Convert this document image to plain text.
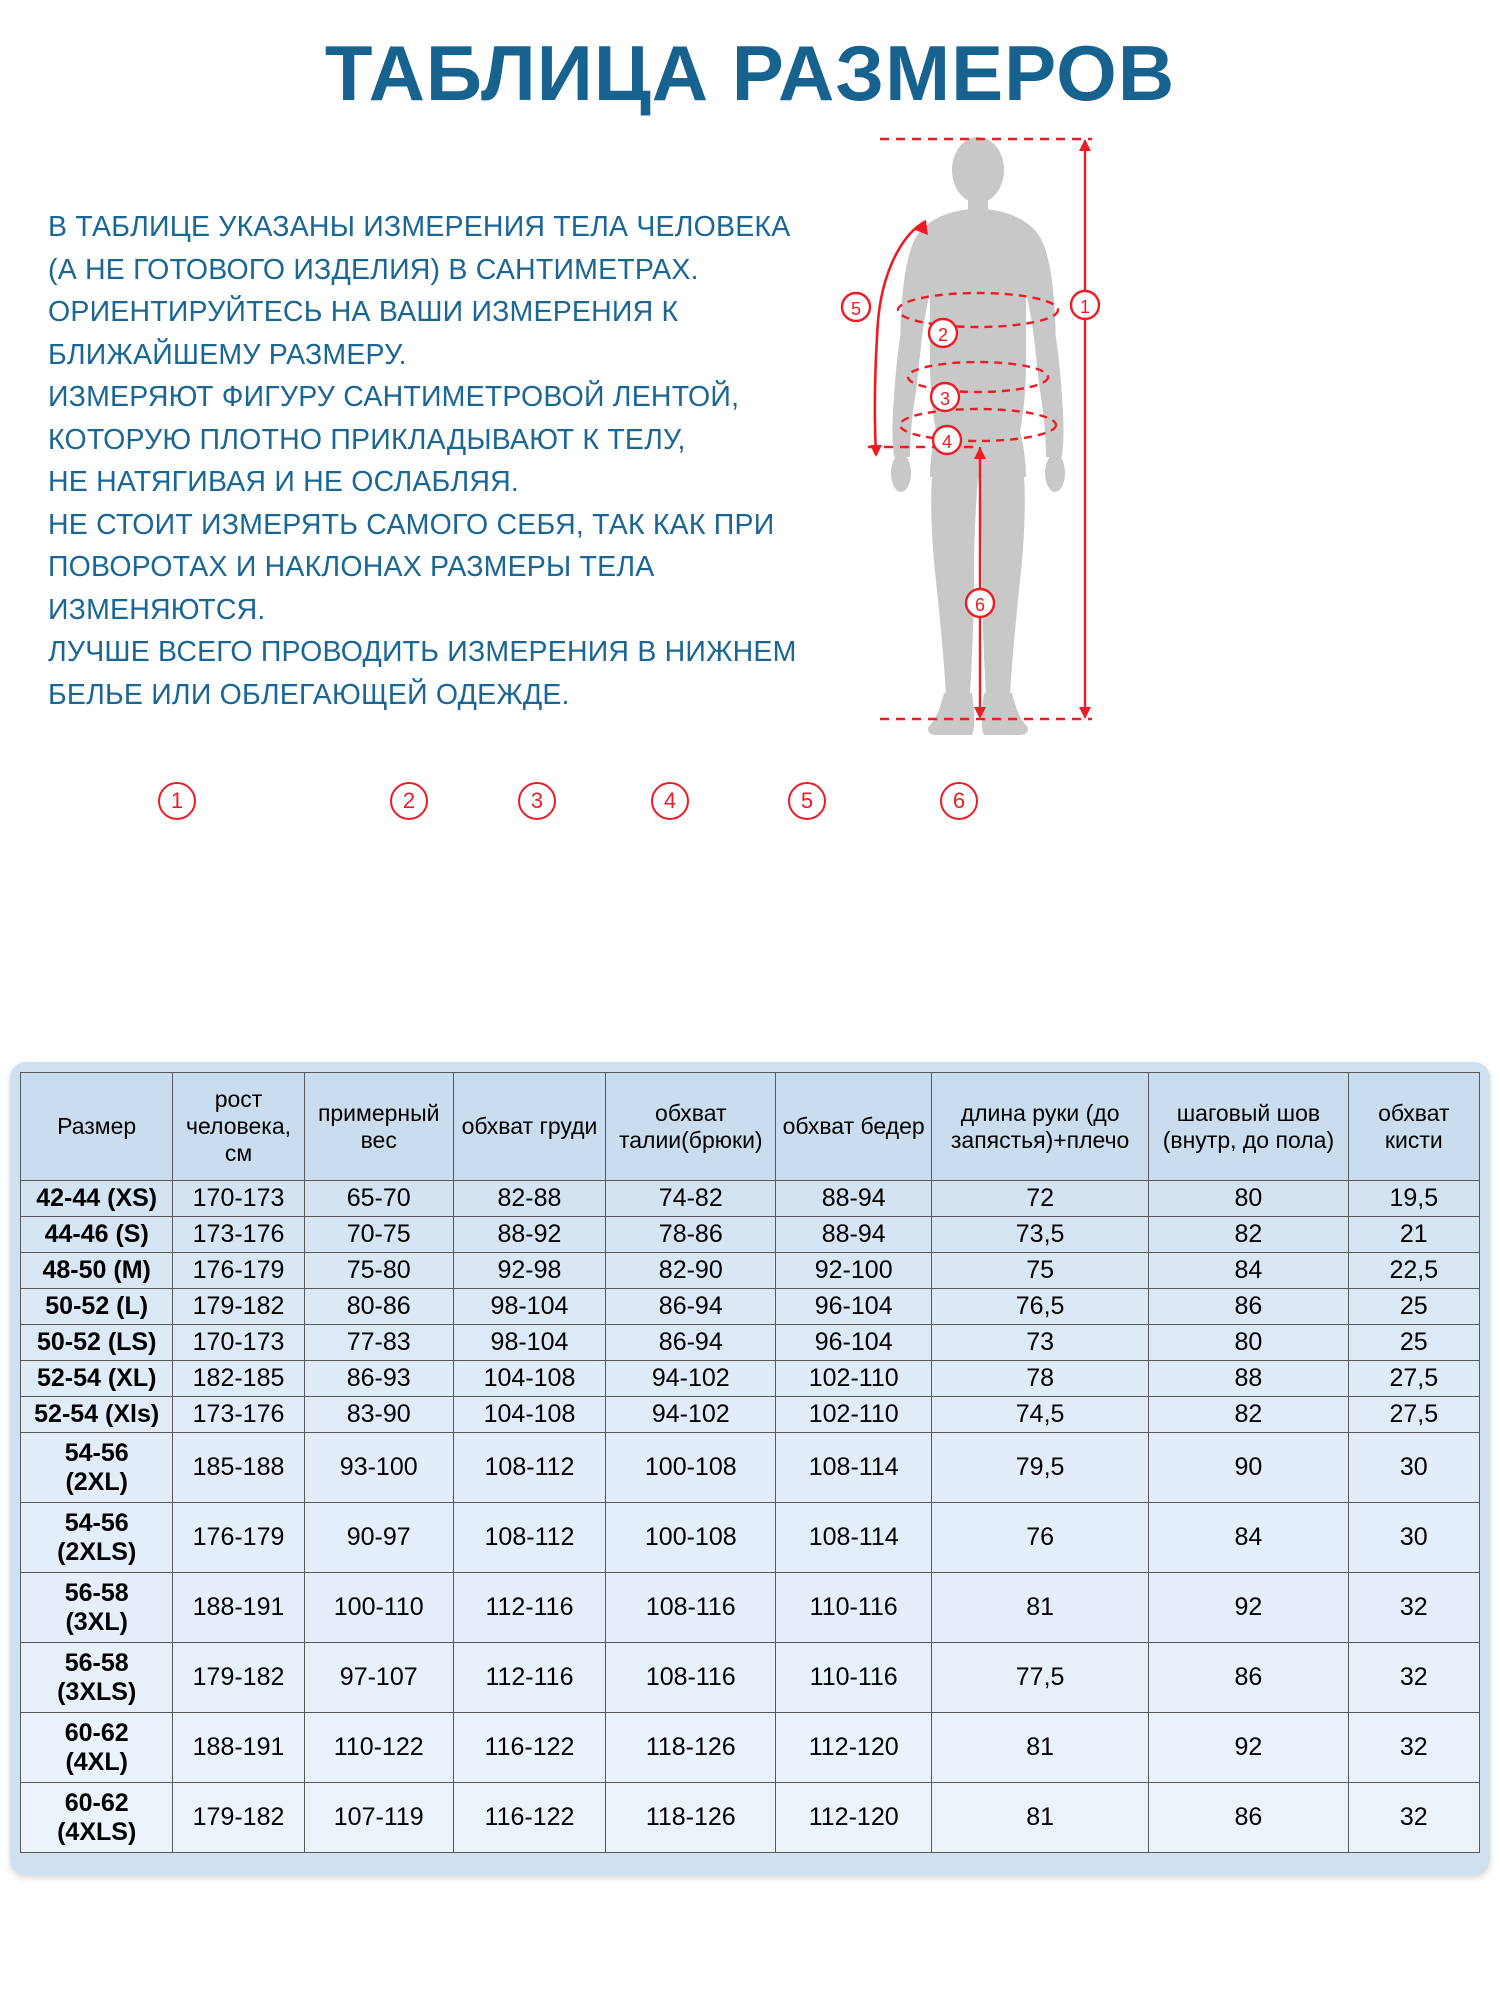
ТАБЛИЦА РАЗМЕРОВ
В ТАБЛИЦЕ УКАЗАНЫ ИЗМЕРЕНИЯ ТЕЛА ЧЕЛОВЕКА
(А НЕ ГОТОВОГО ИЗДЕЛИЯ) В САНТИМЕТРАХ.
ОРИЕНТИРУЙТЕСЬ НА ВАШИ ИЗМЕРЕНИЯ К
БЛИЖАЙШЕМУ РАЗМЕРУ.
ИЗМЕРЯЮТ ФИГУРУ САНТИМЕТРОВОЙ ЛЕНТОЙ,
КОТОРУЮ ПЛОТНО ПРИКЛАДЫВАЮТ К ТЕЛУ,
НЕ НАТЯГИВАЯ И НЕ ОСЛАБЛЯЯ.
НЕ СТОИТ ИЗМЕРЯТЬ САМОГО СЕБЯ, ТАК КАК ПРИ
ПОВОРОТАХ И НАКЛОНАХ РАЗМЕРЫ ТЕЛА
ИЗМЕНЯЮТСЯ.
ЛУЧШЕ ВСЕГО ПРОВОДИТЬ ИЗМЕРЕНИЯ В НИЖНЕМ
БЕЛЬЕ ИЛИ ОБЛЕГАЮЩЕЙ ОДЕЖДЕ.
1
2
3
4
5
6
1	2	3	4	5	6
Размер	рост человека, см	примерный вес	обхват груди	обхват талии(брюки)	обхват бедер	длина руки (до запястья)+плечо	шаговый шов (внутр, до пола)	обхват кисти
42-44 (XS)	170-173	65-70	82-88	74-82	88-94	72	80	19,5
44-46 (S)	173-176	70-75	88-92	78-86	88-94	73,5	82	21
48-50 (M)	176-179	75-80	92-98	82-90	92-100	75	84	22,5
50-52 (L)	179-182	80-86	98-104	86-94	96-104	76,5	86	25
50-52 (LS)	170-173	77-83	98-104	86-94	96-104	73	80	25
52-54 (XL)	182-185	86-93	104-108	94-102	102-110	78	88	27,5
52-54 (Xls)	173-176	83-90	104-108	94-102	102-110	74,5	82	27,5

54-56
(2XL)	185-188	93-100	108-112	100-108	108-114	79,5	90	30

54-56
(2XLS)	176-179	90-97	108-112	100-108	108-114	76	84	30

56-58
(3XL)	188-191	100-110	112-116	108-116	110-116	81	92	32

56-58
(3XLS)	179-182	97-107	112-116	108-116	110-116	77,5	86	32

60-62
(4XL)	188-191	110-122	116-122	118-126	112-120	81	92	32

60-62
(4XLS)	179-182	107-119	116-122	118-126	112-120	81	86	32
